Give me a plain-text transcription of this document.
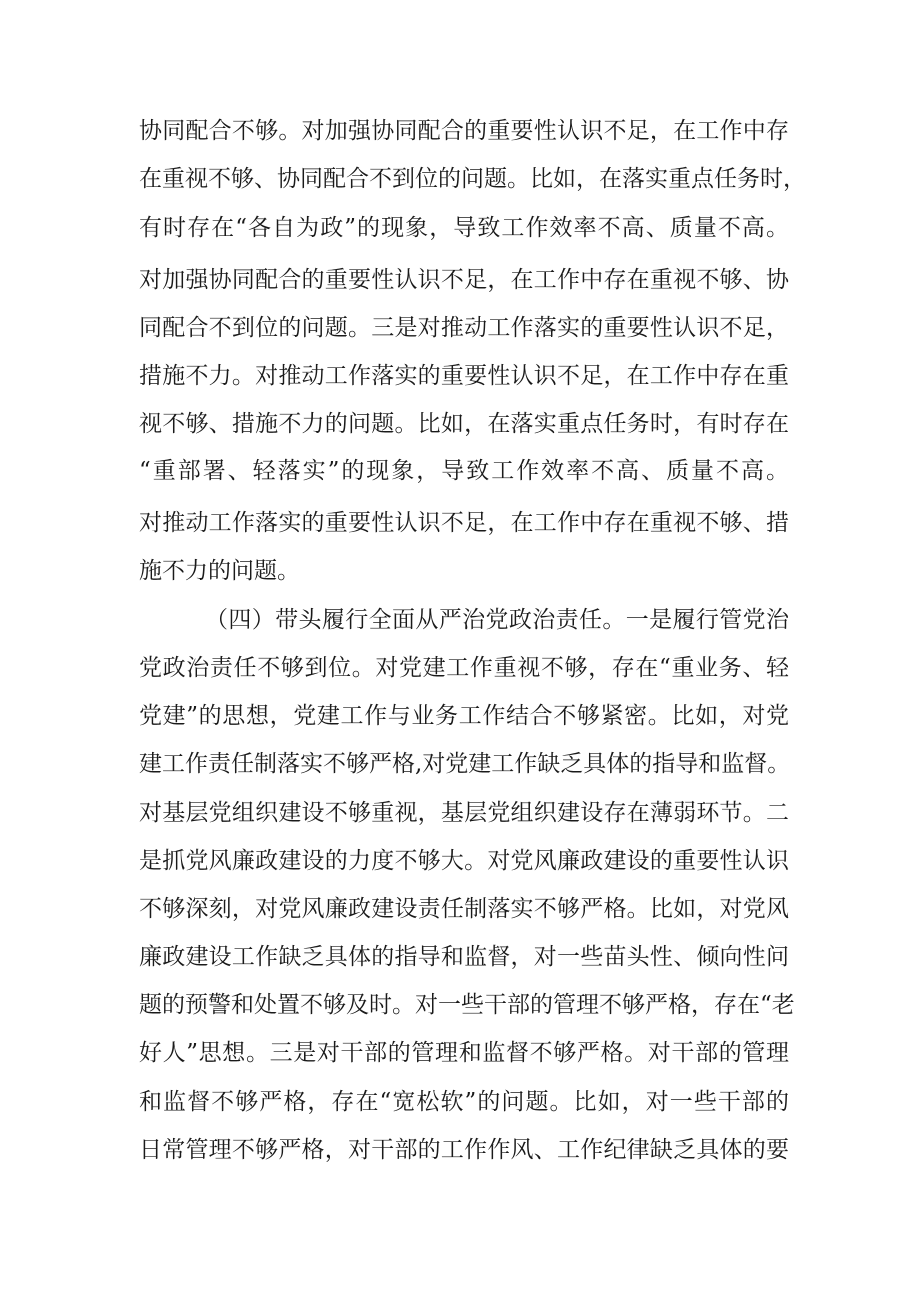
协同配合不够。对加强协同配合的重要性认识不足，在工作中存
在重视不够、协同配合不到位的问题。比如，在落实重点任务时，
有时存在“各自为政”的现象，导致工作效率不高、质量不高。
对加强协同配合的重要性认识不足，在工作中存在重视不够、协
同配合不到位的问题。三是对推动工作落实的重要性认识不足，
措施不力。对推动工作落实的重要性认识不足，在工作中存在重
视不够、措施不力的问题。比如，在落实重点任务时，有时存在
“重部署、轻落实”的现象，导致工作效率不高、质量不高。
对推动工作落实的重要性认识不足，在工作中存在重视不够、措
施不力的问题。
（四）带头履行全面从严治党政治责任。一是履行管党治
党政治责任不够到位。对党建工作重视不够，存在“重业务、轻
党建”的思想，党建工作与业务工作结合不够紧密。比如，对党
建工作责任制落实不够严格,对党建工作缺乏具体的指导和监督。
对基层党组织建设不够重视，基层党组织建设存在薄弱环节。二
是抓党风廉政建设的力度不够大。对党风廉政建设的重要性认识
不够深刻，对党风廉政建设责任制落实不够严格。比如，对党风
廉政建设工作缺乏具体的指导和监督，对一些苗头性、倾向性问
题的预警和处置不够及时。对一些干部的管理不够严格，存在“老
好人”思想。三是对干部的管理和监督不够严格。对干部的管理
和监督不够严格，存在“宽松软”的问题。比如，对一些干部的
日常管理不够严格，对干部的工作作风、工作纪律缺乏具体的要
